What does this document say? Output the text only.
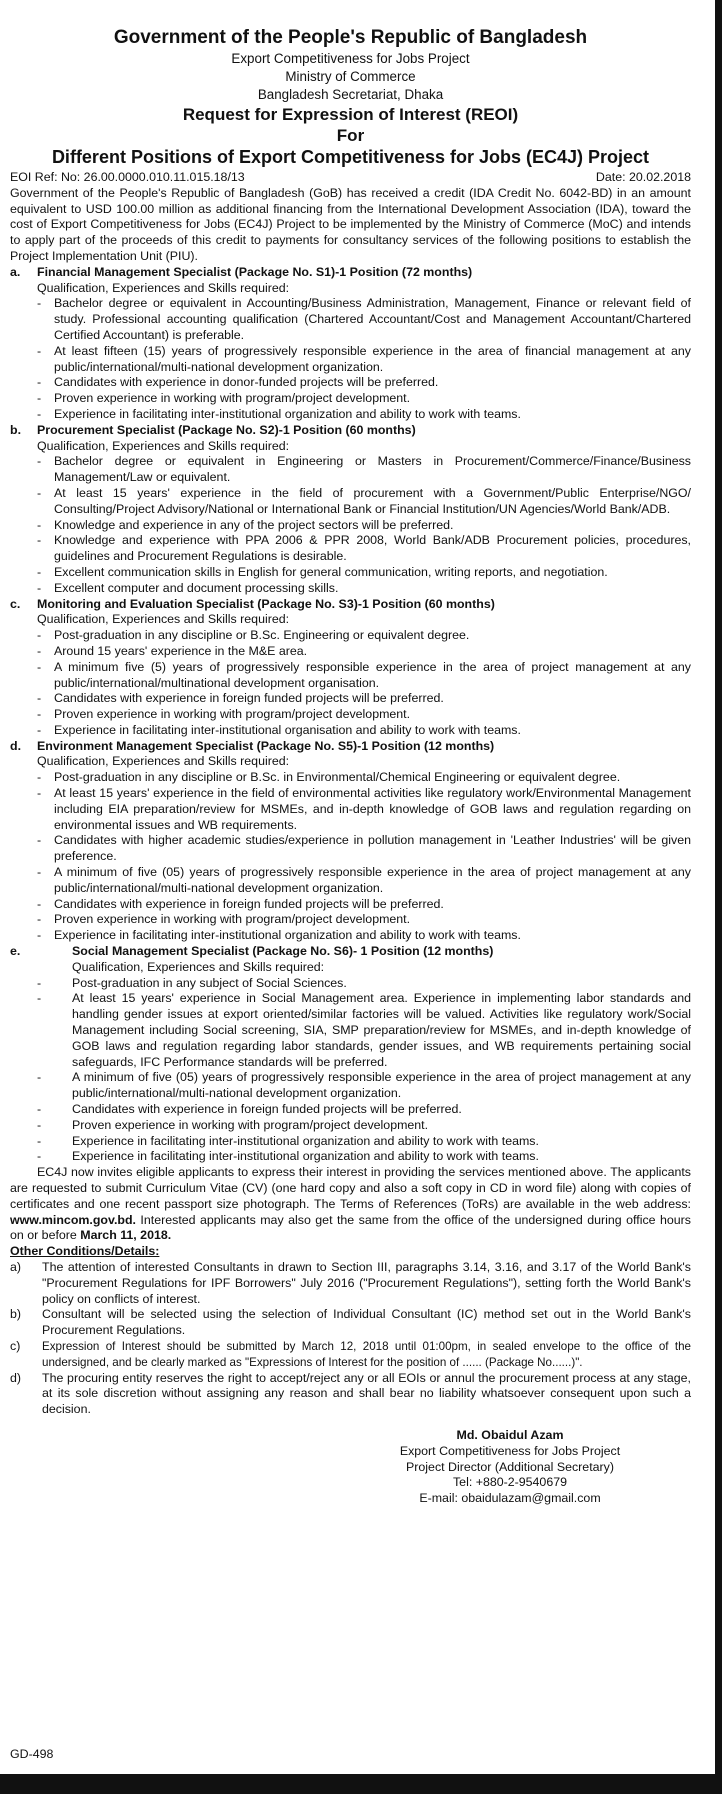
Government of the People's Republic of Bangladesh
Export Competitiveness for Jobs Project
Ministry of Commerce
Bangladesh Secretariat, Dhaka
Request for Expression of Interest (REOI)
For
Different Positions of Export Competitiveness for Jobs (EC4J) Project
EOI Ref: No: 26.00.0000.010.11.015.18/13	Date: 20.02.2018
Government of the People's Republic of Bangladesh (GoB) has received a credit (IDA Credit No. 6042-BD) in an amount equivalent to USD 100.00 million as additional financing from the International Development Association (IDA), toward the cost of Export Competitiveness for Jobs (EC4J) Project to be implemented by the Ministry of Commerce (MoC) and intends to apply part of the proceeds of this credit to payments for consultancy services of the following positions to establish the Project Implementation Unit (PIU).
a.	Financial Management Specialist (Package No. S1)-1 Position (72 months)
Qualification, Experiences and Skills required:
-	Bachelor degree or equivalent in Accounting/Business Administration, Management, Finance or relevant field of study. Professional accounting qualification (Chartered Accountant/Cost and Management Accountant/Chartered Certified Accountant) is preferable.
-	At least fifteen (15) years of progressively responsible experience in the area of financial management at any public/international/multi-national development organization.
-	Candidates with experience in donor-funded projects will be preferred.
-	Proven experience in working with program/project development.
-	Experience in facilitating inter-institutional organization and ability to work with teams.
b.	Procurement Specialist (Package No. S2)-1 Position (60 months)
Qualification, Experiences and Skills required:
-	Bachelor degree or equivalent in Engineering or Masters in Procurement/Commerce/Finance/Business Management/Law or equivalent.
-	At least 15 years' experience in the field of procurement with a Government/Public Enterprise/NGO/ Consulting/Project Advisory/National or International Bank or Financial Institution/UN Agencies/World Bank/ADB.
-	Knowledge and experience in any of the project sectors will be preferred.
-	Knowledge and experience with PPA 2006 & PPR 2008, World Bank/ADB Procurement policies, procedures, guidelines and Procurement Regulations is desirable.
-	Excellent communication skills in English for general communication, writing reports, and negotiation.
-	Excellent computer and document processing skills.
c.	Monitoring and Evaluation Specialist (Package No. S3)-1 Position (60 months)
Qualification, Experiences and Skills required:
-	Post-graduation in any discipline or B.Sc. Engineering or equivalent degree.
-	Around 15 years' experience in the M&E area.
-	A minimum five (5) years of progressively responsible experience in the area of project management at any public/international/multinational development organisation.
-	Candidates with experience in foreign funded projects will be preferred.
-	Proven experience in working with program/project development.
-	Experience in facilitating inter-institutional organisation and ability to work with teams.
d.	Environment Management Specialist (Package No. S5)-1 Position (12 months)
Qualification, Experiences and Skills required:
-	Post-graduation in any discipline or B.Sc. in Environmental/Chemical Engineering or equivalent degree.
-	At least 15 years' experience in the field of environmental activities like regulatory work/Environmental Management including EIA preparation/review for MSMEs, and in-depth knowledge of GOB laws and regulation regarding on environmental issues and WB requirements.
-	Candidates with higher academic studies/experience in pollution management in 'Leather Industries' will be given preference.
-	A minimum of five (05) years of progressively responsible experience in the area of project management at any public/international/multi-national development organization.
-	Candidates with experience in foreign funded projects will be preferred.
-	Proven experience in working with program/project development.
-	Experience in facilitating inter-institutional organization and ability to work with teams.
e.	Social Management Specialist (Package No. S6)- 1 Position (12 months)
Qualification, Experiences and Skills required:
-	Post-graduation in any subject of Social Sciences.
-	At least 15 years' experience in Social Management area. Experience in implementing labor standards and handling gender issues at export oriented/similar factories will be valued. Activities like regulatory work/Social Management including Social screening, SIA, SMP preparation/review for MSMEs, and in-depth knowledge of GOB laws and regulation regarding labor standards, gender issues, and WB requirements pertaining social safeguards, IFC Performance standards will be preferred.
-	A minimum of five (05) years of progressively responsible experience in the area of project management at any public/international/multi-national development organization.
-	Candidates with experience in foreign funded projects will be preferred.
-	Proven experience in working with program/project development.
-	Experience in facilitating inter-institutional organization and ability to work with teams.
-	Experience in facilitating inter-institutional organization and ability to work with teams.
EC4J now invites eligible applicants to express their interest in providing the services mentioned above. The applicants are requested to submit Curriculum Vitae (CV) (one hard copy and also a soft copy in CD in word file) along with copies of certificates and one recent passport size photograph. The Terms of References (ToRs) are available in the web address: www.mincom.gov.bd. Interested applicants may also get the same from the office of the undersigned during office hours on or before March 11, 2018.
Other Conditions/Details:
a)	The attention of interested Consultants in drawn to Section III, paragraphs 3.14, 3.16, and 3.17 of the World Bank's "Procurement Regulations for IPF Borrowers" July 2016 ("Procurement Regulations"), setting forth the World Bank's policy on conflicts of interest.
b)	Consultant will be selected using the selection of Individual Consultant (IC) method set out in the World Bank's Procurement Regulations.
c)	Expression of Interest should be submitted by March 12, 2018 until 01:00pm, in sealed envelope to the office of the undersigned, and be clearly marked as "Expressions of Interest for the position of ...... (Package No......)".
d)	The procuring entity reserves the right to accept/reject any or all EOIs or annul the procurement process at any stage, at its sole discretion without assigning any reason and shall bear no liability whatsoever consequent upon such a decision.
Md. Obaidul Azam
Export Competitiveness for Jobs Project
Project Director (Additional Secretary)
Tel: +880-2-9540679
E-mail: obaidulazam@gmail.com
GD-498
